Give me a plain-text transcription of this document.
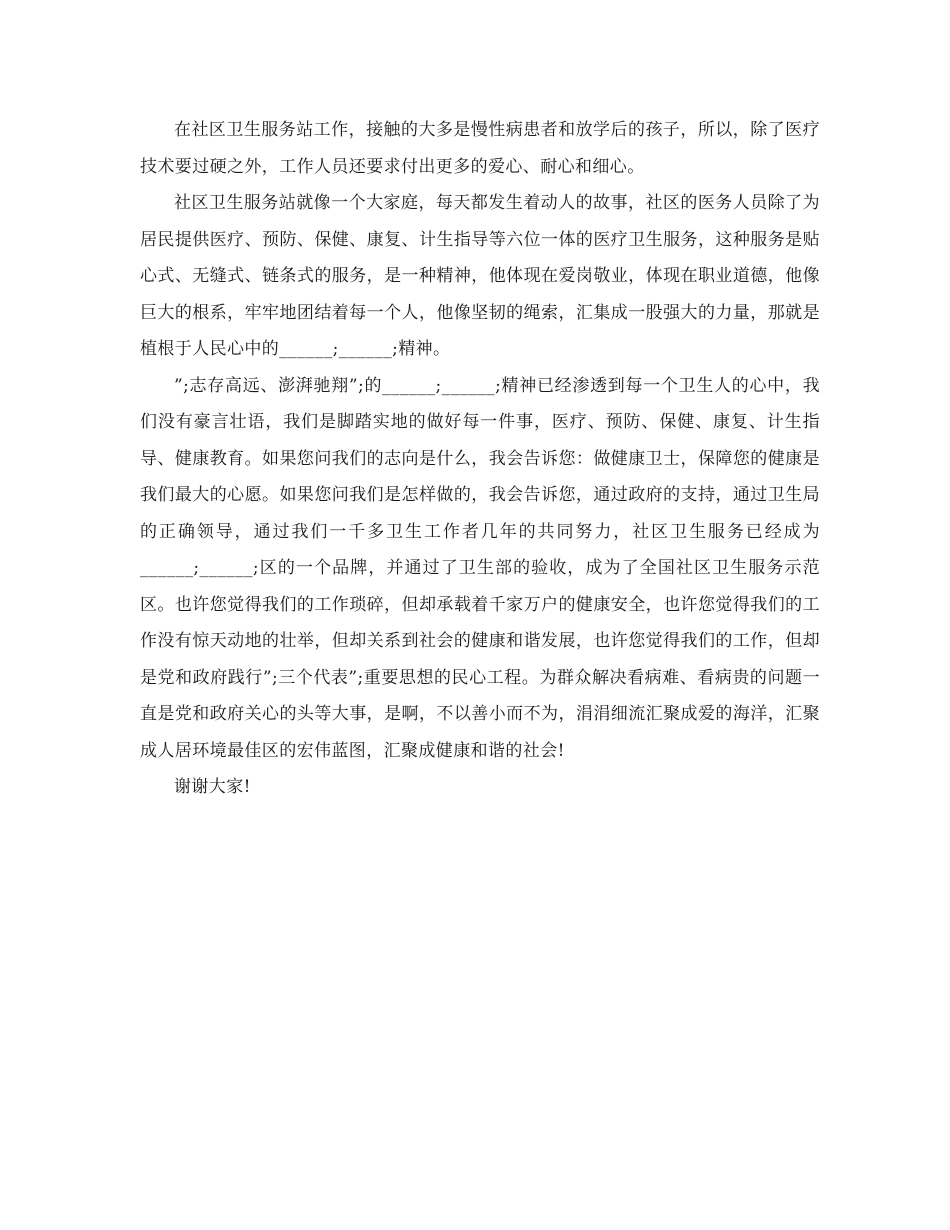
在社区卫生服务站工作，接触的大多是慢性病患者和放学后的孩子，所以，除了医疗技术要过硬之外，工作人员还要求付出更多的爱心、耐心和细心。

社区卫生服务站就像一个大家庭，每天都发生着动人的故事，社区的医务人员除了为居民提供医疗、预防、保健、康复、计生指导等六位一体的医疗卫生服务，这种服务是贴心式、无缝式、链条式的服务，是一种精神，他体现在爱岗敬业，体现在职业道德，他像巨大的根系，牢牢地团结着每一个人，他像坚韧的绳索，汇集成一股强大的力量，那就是植根于人民心中的______;______;精神。

”;志存高远、澎湃驰翔”;的______;______;精神已经渗透到每一个卫生人的心中，我们没有豪言壮语，我们是脚踏实地的做好每一件事，医疗、预防、保健、康复、计生指导、健康教育。如果您问我们的志向是什么，我会告诉您：做健康卫士，保障您的健康是我们最大的心愿。如果您问我们是怎样做的，我会告诉您，通过政府的支持，通过卫生局的正确领导，通过我们一千多卫生工作者几年的共同努力，社区卫生服务已经成为______;______;区的一个品牌，并通过了卫生部的验收，成为了全国社区卫生服务示范区。也许您觉得我们的工作琐碎，但却承载着千家万户的健康安全，也许您觉得我们的工作没有惊天动地的壮举，但却关系到社会的健康和谐发展，也许您觉得我们的工作，但却是党和政府践行”;三个代表”;重要思想的民心工程。为群众解决看病难、看病贵的问题一直是党和政府关心的头等大事，是啊，不以善小而不为，涓涓细流汇聚成爱的海洋，汇聚成人居环境最佳区的宏伟蓝图，汇聚成健康和谐的社会!

谢谢大家!
